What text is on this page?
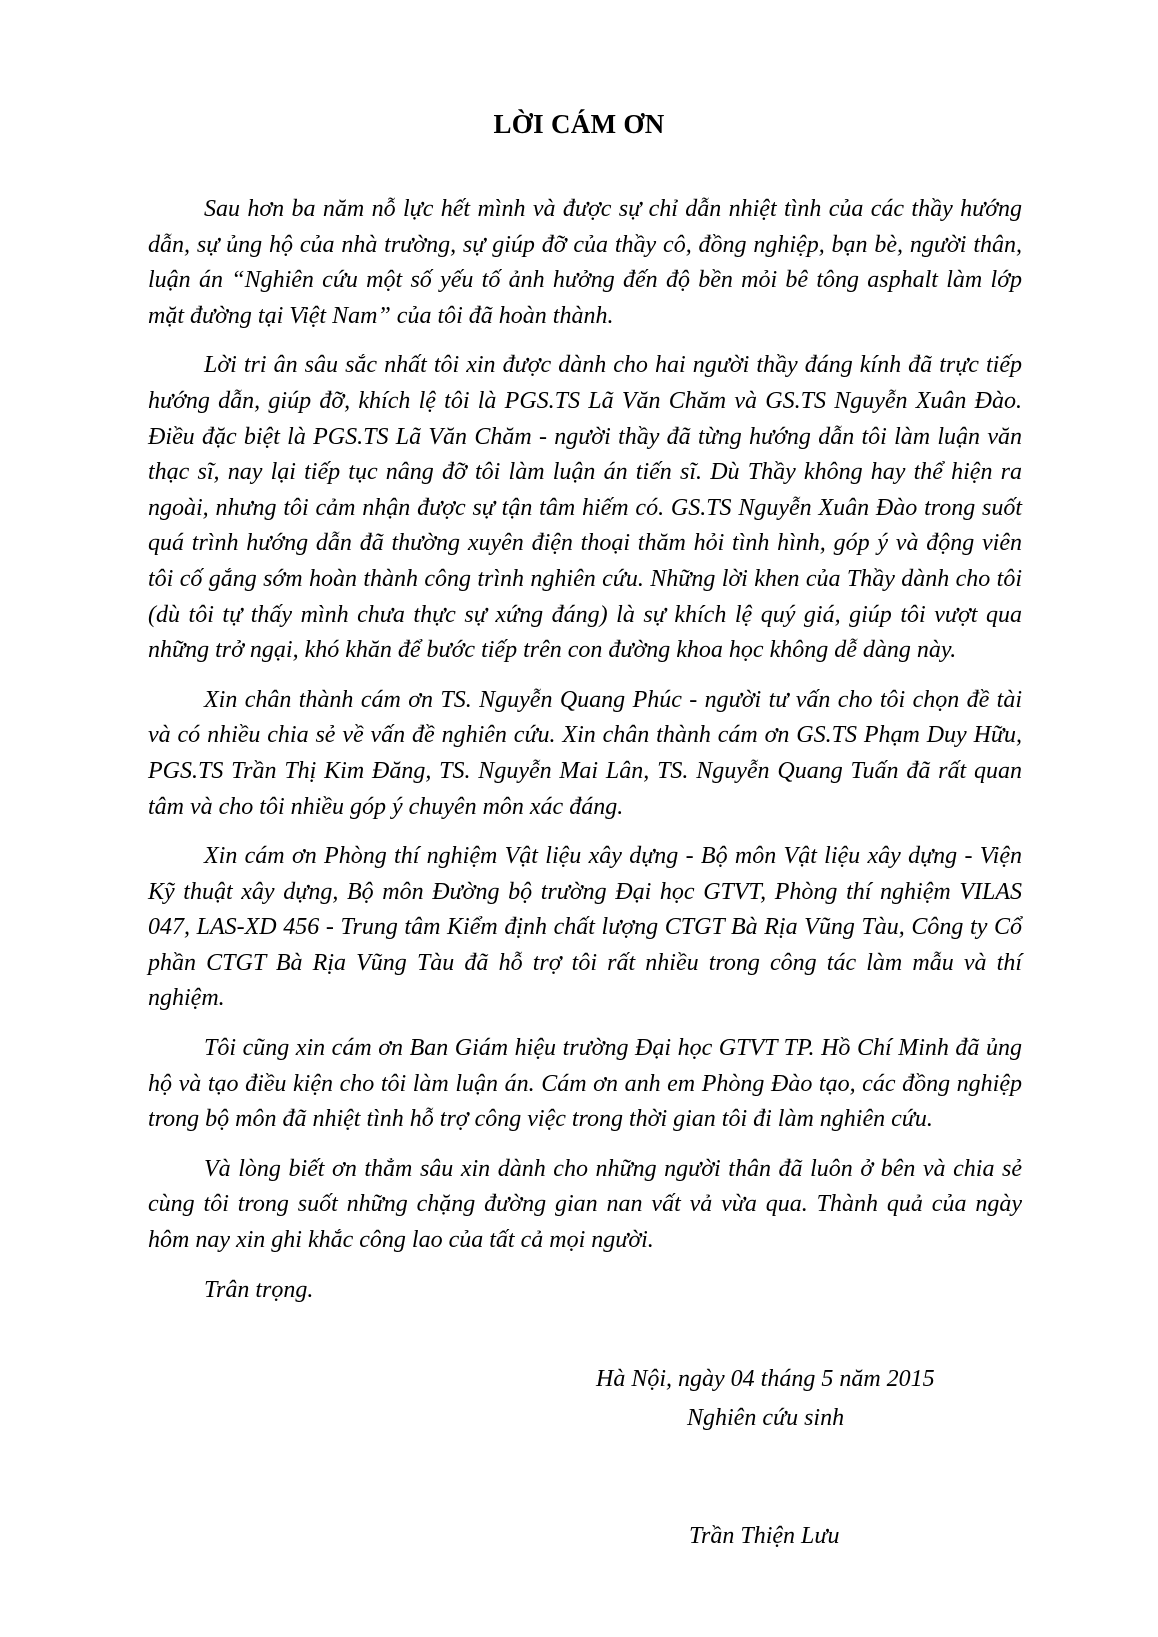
LỜI CÁM ƠN

Sau hơn ba năm nỗ lực hết mình và được sự chỉ dẫn nhiệt tình của các thầy hướng dẫn, sự ủng hộ của nhà trường, sự giúp đỡ của thầy cô, đồng nghiệp, bạn bè, người thân, luận án “Nghiên cứu một số yếu tố ảnh hưởng đến độ bền mỏi bê tông asphalt làm lớp mặt đường tại Việt Nam” của tôi đã hoàn thành.

Lời tri ân sâu sắc nhất tôi xin được dành cho hai người thầy đáng kính đã trực tiếp hướng dẫn, giúp đỡ, khích lệ tôi là PGS.TS Lã Văn Chăm và GS.TS Nguyễn Xuân Đào. Điều đặc biệt là PGS.TS Lã Văn Chăm - người thầy đã từng hướng dẫn tôi làm luận văn thạc sĩ, nay lại tiếp tục nâng đỡ tôi làm luận án tiến sĩ. Dù Thầy không hay thể hiện ra ngoài, nhưng tôi cảm nhận được sự tận tâm hiếm có. GS.TS Nguyễn Xuân Đào trong suốt quá trình hướng dẫn đã thường xuyên điện thoại thăm hỏi tình hình, góp ý và động viên tôi cố gắng sớm hoàn thành công trình nghiên cứu. Những lời khen của Thầy dành cho tôi (dù tôi tự thấy mình chưa thực sự xứng đáng) là sự khích lệ quý giá, giúp tôi vượt qua những trở ngại, khó khăn để bước tiếp trên con đường khoa học không dễ dàng này.

Xin chân thành cám ơn TS. Nguyễn Quang Phúc - người tư vấn cho tôi chọn đề tài và có nhiều chia sẻ về vấn đề nghiên cứu. Xin chân thành cám ơn GS.TS Phạm Duy Hữu, PGS.TS Trần Thị Kim Đăng, TS. Nguyễn Mai Lân, TS. Nguyễn Quang Tuấn đã rất quan tâm và cho tôi nhiều góp ý chuyên môn xác đáng.

Xin cám ơn Phòng thí nghiệm Vật liệu xây dựng - Bộ môn Vật liệu xây dựng - Viện Kỹ thuật xây dựng, Bộ môn Đường bộ trường Đại học GTVT, Phòng thí nghiệm VILAS 047, LAS-XD 456 - Trung tâm Kiểm định chất lượng CTGT Bà Rịa Vũng Tàu, Công ty Cổ phần CTGT Bà Rịa Vũng Tàu đã hỗ trợ tôi rất nhiều trong công tác làm mẫu và thí nghiệm.

Tôi cũng xin cám ơn Ban Giám hiệu trường Đại học GTVT TP. Hồ Chí Minh đã ủng hộ và tạo điều kiện cho tôi làm luận án. Cám ơn anh em Phòng Đào tạo, các đồng nghiệp trong bộ môn đã nhiệt tình hỗ trợ công việc trong thời gian tôi đi làm nghiên cứu.

Và lòng biết ơn thẳm sâu xin dành cho những người thân đã luôn ở bên và chia sẻ cùng tôi trong suốt những chặng đường gian nan vất vả vừa qua. Thành quả của ngày hôm nay xin ghi khắc công lao của tất cả mọi người.

Trân trọng.

Hà Nội, ngày 04 tháng 5 năm 2015
Nghiên cứu sinh
Trần Thiện Lưu
